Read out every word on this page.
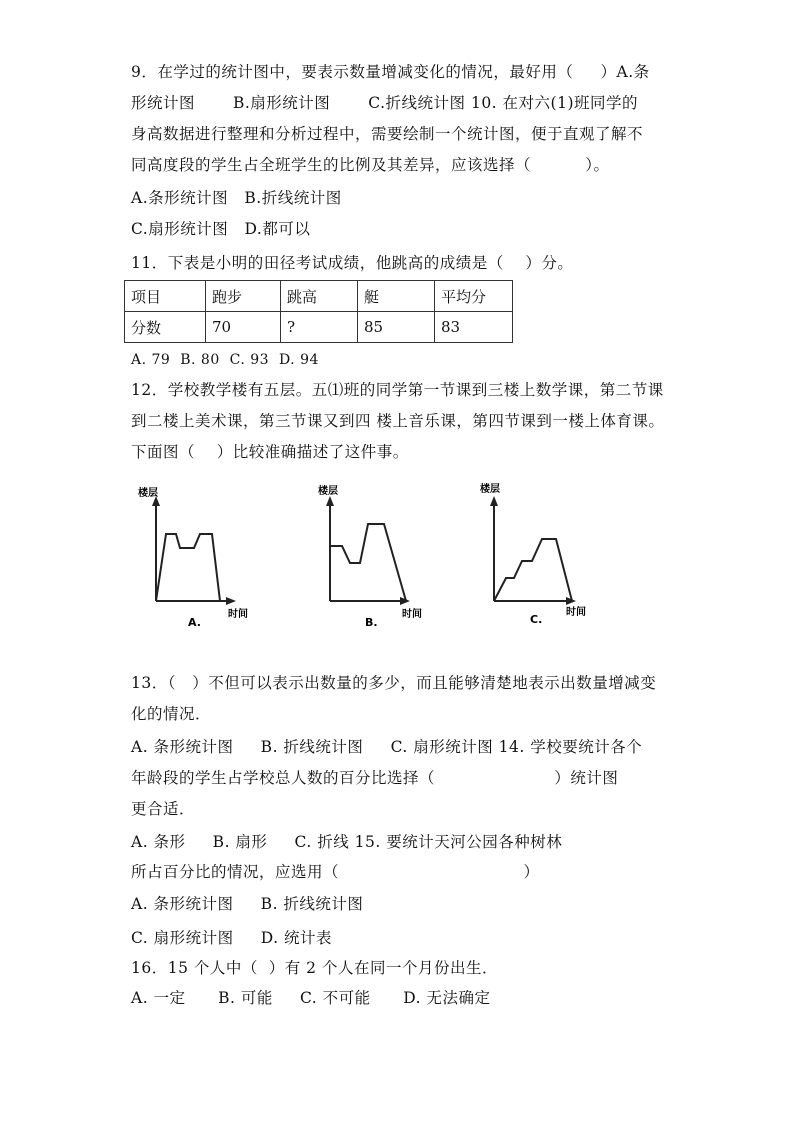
9．在学过的统计图中，要表示数量增减变化的情况，最好用（     ）A.条
形统计图       B.扇形统计图       C.折线统计图 10. 在对六(1)班同学的
身高数据进行整理和分析过程中，需要绘制一个统计图，便于直观了解不
同高度段的学生占全班学生的比例及其差异，应该选择（          ）。
A.条形统计图   B.折线统计图
C.扇形统计图   D.都可以
11．下表是小明的田径考试成绩，他跳高的成绩是（    ）分。
项目	跑步	跳高	艇	平均分
分数	70	?	85	83
A. 79  B. 80  C. 93  D. 94
12．学校教学楼有五层。五⑴班的同学第一节课到三楼上数学课，第二节课
到二楼上美术课，第三节课又到四 楼上音乐课，第四节课到一楼上体育课。
下面图（    ）比较准确描述了这件事。
楼层
时间
A.
楼层
时间
B.
楼层
时间
C.
13．（   ）不但可以表示出数量的多少，而且能够清楚地表示出数量增减变
化的情况．
A. 条形统计图     B. 折线统计图     C. 扇形统计图 14. 学校要统计各个
年龄段的学生占学校总人数的百分比选择（                      ）统计图
更合适．
A. 条形     B. 扇形     C. 折线 15. 要统计天河公园各种树林
所占百分比的情况，应选用（                                  ）
A. 条形统计图     B. 折线统计图
C. 扇形统计图     D. 统计表
16．15 个人中（  ）有 2 个人在同一个月份出生．
A. 一定      B. 可能     C. 不可能      D. 无法确定
